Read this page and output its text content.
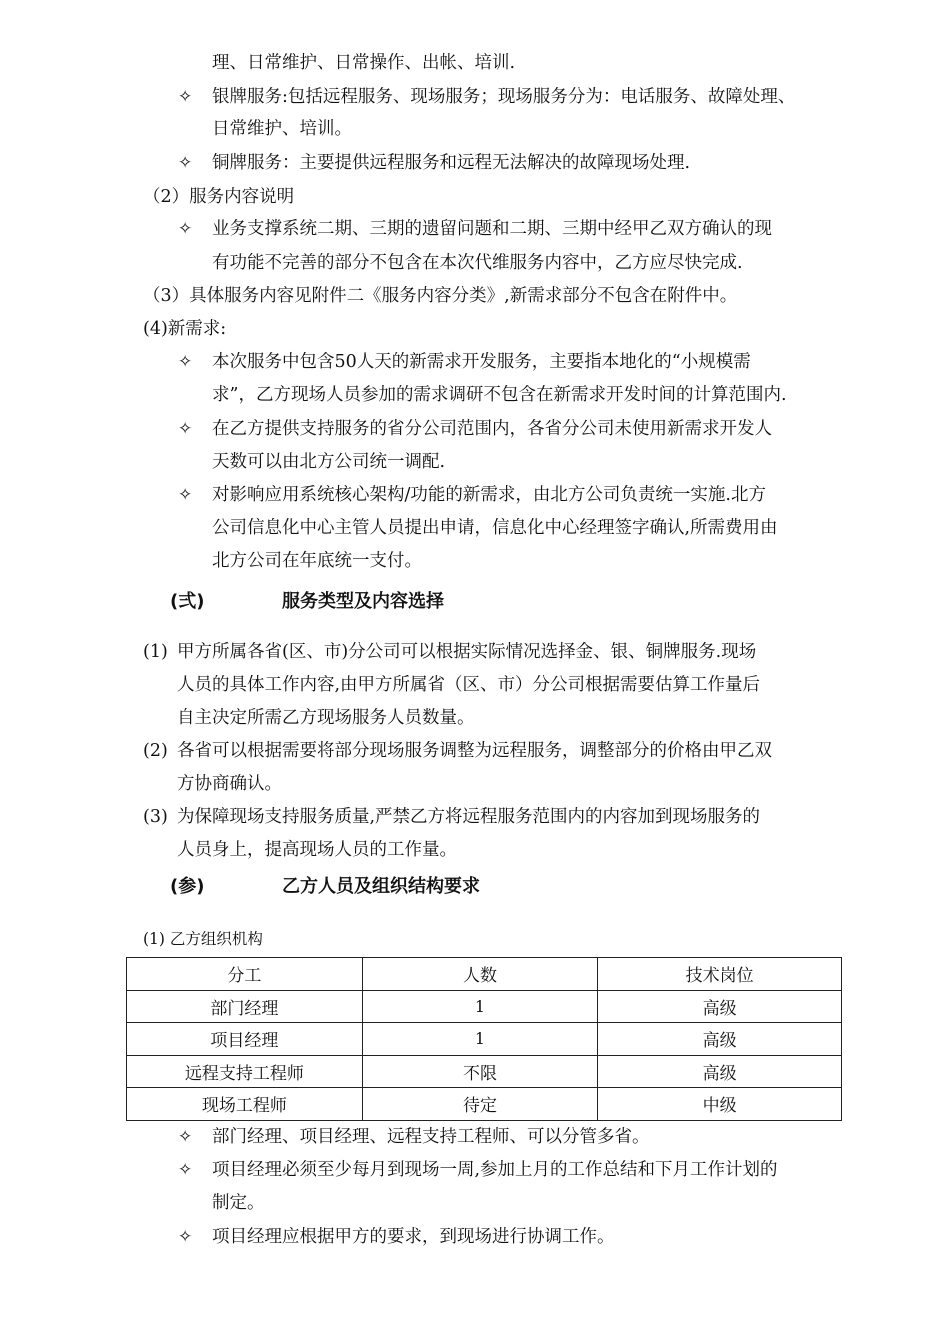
理、日常维护、日常操作、出帐、培训.
✧ 银牌服务:包括远程服务、现场服务；现场服务分为：电话服务、故障处理、
日常维护、培训。
✧ 铜牌服务：主要提供远程服务和远程无法解决的故障现场处理.
（2）服务内容说明
✧ 业务支撑系统二期、三期的遗留问题和二期、三期中经甲乙双方确认的现
有功能不完善的部分不包含在本次代维服务内容中，乙方应尽快完成.
（3）具体服务内容见附件二《服务内容分类》,新需求部分不包含在附件中。
(4)新需求:
✧ 本次服务中包含50人天的新需求开发服务，主要指本地化的“小规模需
求”，乙方现场人员参加的需求调研不包含在新需求开发时间的计算范围内.
✧ 在乙方提供支持服务的省分公司范围内，各省分公司未使用新需求开发人
天数可以由北方公司统一调配.
✧ 对影响应用系统核心架构/功能的新需求，由北方公司负责统一实施.北方
公司信息化中心主管人员提出申请，信息化中心经理签字确认,所需费用由
北方公司在年底统一支付。
(弍)	服务类型及内容选择
(1) 甲方所属各省(区、市)分公司可以根据实际情况选择金、银、铜牌服务.现场
人员的具体工作内容,由甲方所属省（区、市）分公司根据需要估算工作量后
自主决定所需乙方现场服务人员数量。
(2) 各省可以根据需要将部分现场服务调整为远程服务，调整部分的价格由甲乙双
方协商确认。
(3) 为保障现场支持服务质量,严禁乙方将远程服务范围内的内容加到现场服务的
人员身上，提高现场人员的工作量。
(参)	乙方人员及组织结构要求
(1) 乙方组织机构
分工	人数	技术岗位
部门经理	1	高级
项目经理	1	高级
远程支持工程师	不限	高级
现场工程师	待定	中级
✧ 部门经理、项目经理、远程支持工程师、可以分管多省。
✧ 项目经理必须至少每月到现场一周,参加上月的工作总结和下月工作计划的
制定。
✧ 项目经理应根据甲方的要求，到现场进行协调工作。
